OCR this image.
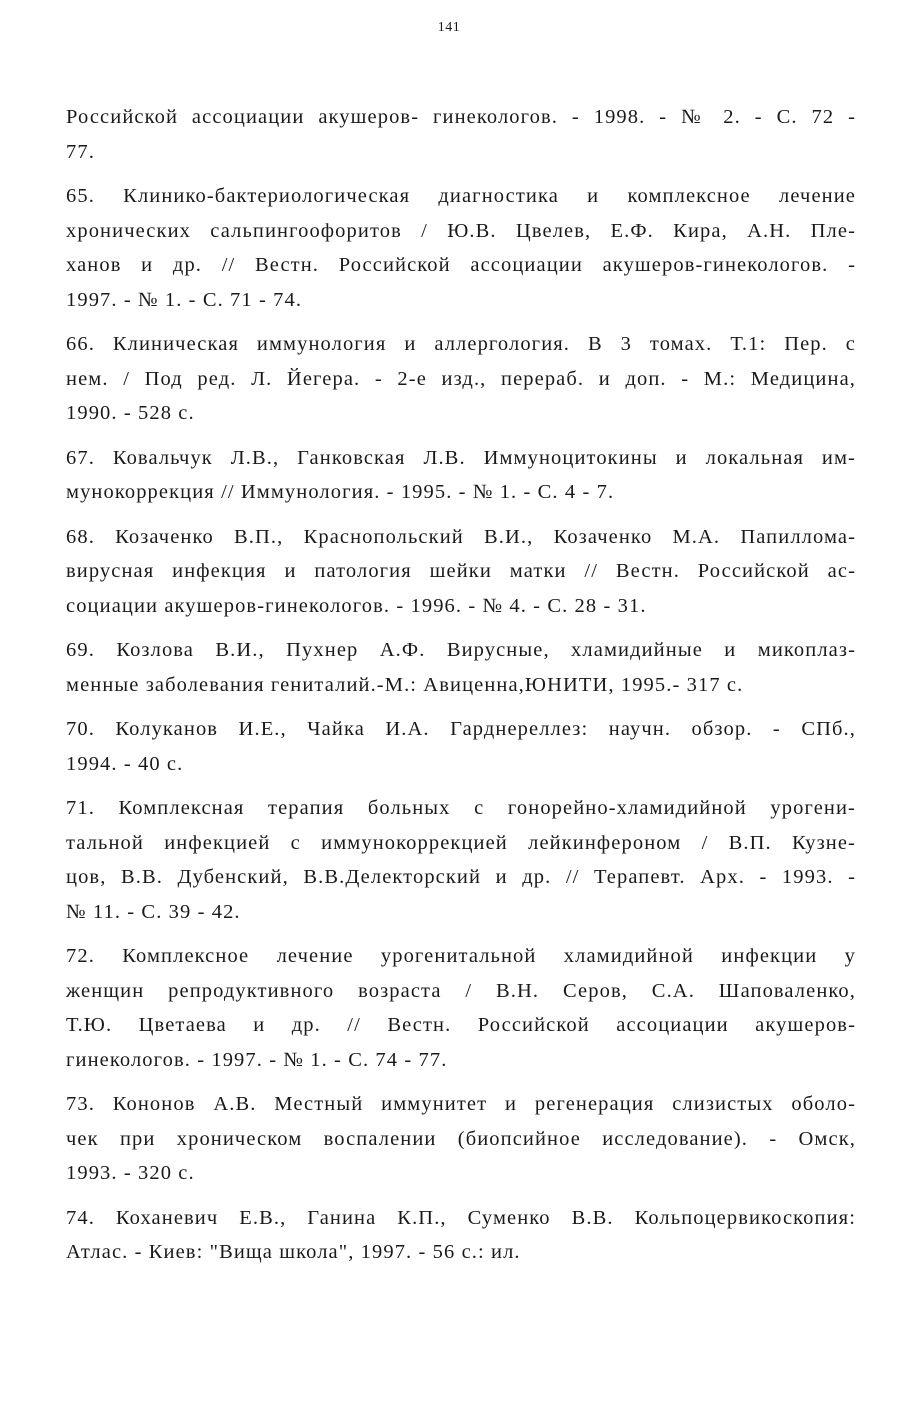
141
Российской ассоциации акушеров- гинекологов. - 1998. - № 2. - С. 72 -
77.
65. Клинико-бактериологическая диагностика и комплексное лечение
хронических сальпингоофоритов / Ю.В. Цвелев, Е.Ф. Кира, А.Н. Пле-
ханов и др. // Вестн. Российской ассоциации акушеров-гинекологов. -
1997. - № 1. - С. 71 - 74.
66. Клиническая иммунология и аллергология. В 3 томах. Т.1: Пер. с
нем. / Под ред. Л. Йегера. - 2-е изд., перераб. и доп. - М.: Медицина,
1990. - 528 с.
67. Ковальчук Л.В., Ганковская Л.В. Иммуноцитокины и локальная им-
мунокоррекция // Иммунология. - 1995. - № 1. - С. 4 - 7.
68. Козаченко В.П., Краснопольский В.И., Козаченко М.А. Папиллома-
вирусная инфекция и патология шейки матки // Вестн. Российской ас-
социации акушеров-гинекологов. - 1996. - № 4. - С. 28 - 31.
69. Козлова В.И., Пухнер А.Ф. Вирусные, хламидийные и микоплаз-
менные заболевания гениталий.-М.: Авиценна,ЮНИТИ, 1995.- 317 с.
70. Колуканов И.Е., Чайка И.А. Гарднереллез: научн. обзор. - СПб.,
1994. - 40 с.
71. Комплексная терапия больных с гонорейно-хламидийной урогени-
тальной инфекцией с иммунокоррекцией лейкинфероном / В.П. Кузне-
цов, В.В. Дубенский, В.В.Делекторский и др. // Терапевт. Арх. - 1993. -
№ 11. - С. 39 - 42.
72. Комплексное лечение урогенитальной хламидийной инфекции у
женщин репродуктивного возраста / В.Н. Серов, С.А. Шаповаленко,
Т.Ю. Цветаева и др. // Вестн. Российской ассоциации акушеров-
гинекологов. - 1997. - № 1. - С. 74 - 77.
73. Кононов А.В. Местный иммунитет и регенерация слизистых оболо-
чек при хроническом воспалении (биопсийное исследование). - Омск,
1993. - 320 с.
74. Коханевич Е.В., Ганина К.П., Суменко В.В. Кольпоцервикоскопия:
Атлас. - Киев: "Вища школа", 1997. - 56 с.: ил.
